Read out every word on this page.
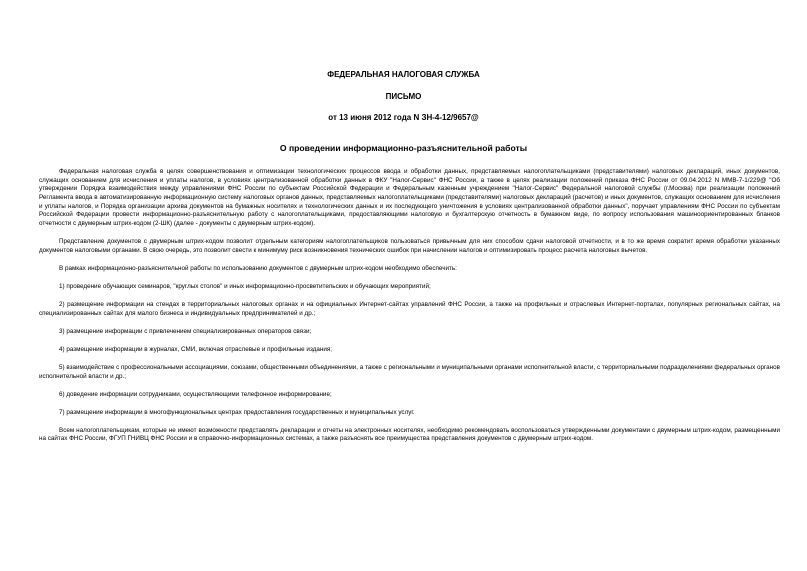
ФЕДЕРАЛЬНАЯ НАЛОГОВАЯ СЛУЖБА
ПИСЬМО
от 13 июня 2012 года N ЗН-4-12/9657@
О проведении информационно-разъяснительной работы

Федеральная налоговая служба в целях совершенствования и оптимизации технологических процессов ввода и обработки данных, представляемых налогоплательщиками (представителями) налоговых деклараций, иных документов, служащих основанием для исчисления и уплаты налогов, в условиях централизованной обработки данных в ФКУ "Налог-Сервис" ФНС России, а также в целях реализации положений приказа ФНС России от 09.04.2012 N ММВ-7-1/229@ "Об утверждении Порядка взаимодействия между управлениями ФНС России по субъектам Российской Федерации и Федеральным казенным учреждением "Налог-Сервис" Федеральной налоговой службы (г.Москва) при реализации положений Регламента ввода в автоматизированную информационную систему налоговых органов данных, представляемых налогоплательщиками (представителями) налоговых деклараций (расчетов) и иных документов, служащих основанием для исчисления и уплаты налогов, и Порядка организации архива документов на бумажных носителях и технологических данных и их последующего уничтожения в условиях централизованной обработки данных", поручает управлениям ФНС России по субъектам Российской Федерации провести информационно-разъяснительную работу с налогоплательщиками, предоставляющими налоговую и бухгалтерскую отчетность в бумажном виде, по вопросу использования машиноориентированных бланков отчетности с двумерным штрих-кодом (2-ШК) (далее - документы с двумерным штрих-кодом).

Представление документов с двумерным штрих-кодом позволит отдельным категориям налогоплательщиков пользоваться привычным для них способом сдачи налоговой отчетности, и в то же время сократит время обработки указанных документов налоговыми органами. В свою очередь, это позволит свести к минимуму риск возникновения технических ошибок при начислении налогов и оптимизировать процесс расчета налоговых вычетов.

В рамках информационно-разъяснительной работы по использованию документов с двумерным штрих-кодом необходимо обеспечить:

1) проведение обучающих семинаров, "круглых столов" и иных информационно-просветительских и обучающих мероприятий;

2) размещение информации на стендах в территориальных налоговых органах и на официальных Интернет-сайтах управлений ФНС России, а также на профильных и отраслевых Интернет-порталах, популярных региональных сайтах, на специализированных сайтах для малого бизнеса и индивидуальных предпринимателей и др.;

3) размещение информации с привлечением специализированных операторов связи;

4) размещение информации в журналах, СМИ, включая отраслевые и профильные издания;

5) взаимодействие с профессиональными ассоциациями, союзами, общественными объединениями, а также с региональными и муниципальными органами исполнительной власти, с территориальными подразделениями федеральных органов исполнительной власти и др.;

6) доведение информации сотрудниками, осуществляющими телефонное информирование;

7) размещение информации в многофункциональных центрах предоставления государственных и муниципальных услуг.

Всем налогоплательщикам, которые не имеют возможности представлять декларации и отчеты на электронных носителях, необходимо рекомендовать воспользоваться утвержденными документами с двумерным штрих-кодом, размещенными на сайтах ФНС России, ФГУП ГНИВЦ ФНС России и в справочно-информационных системах, а также разъяснять все преимущества представления документов с двумерным штрих-кодом.
